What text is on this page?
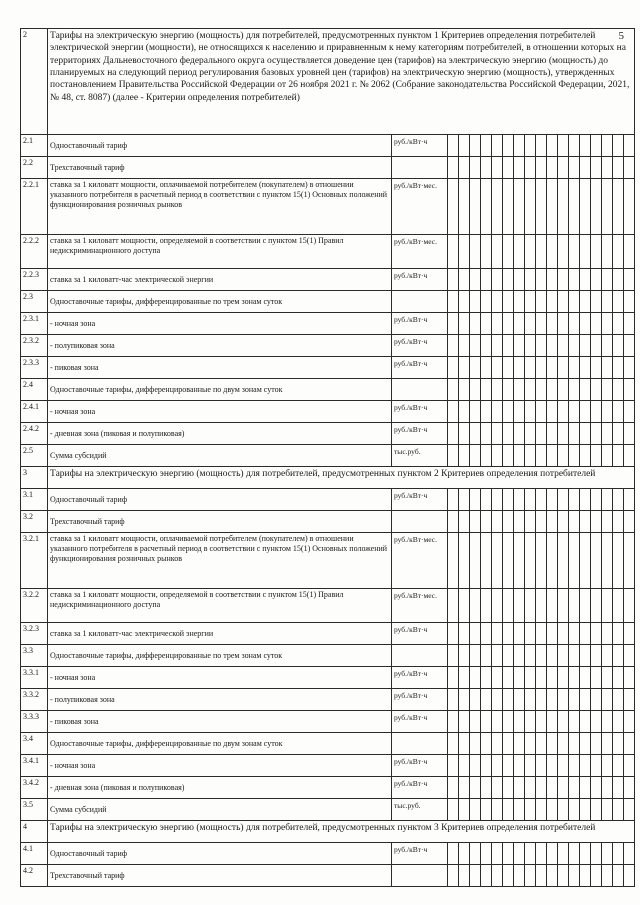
5
2	Тарифы на электрическую энергию (мощность) для потребителей, предусмотренных пунктом 1 Критериев определения потребителей электрической энергии (мощности), не относящихся к населению и приравненным к нему категориям потребителей, в отношении которых на территориях Дальневосточного федерального округа осуществляется доведение цен (тарифов) на электрическую энергию (мощность) до планируемых на следующий период регулирования базовых уровней цен (тарифов) на электрическую энергию (мощность), утвержденных постановлением Правительства Российской Федерации от 26 ноября 2021 г. № 2062 (Собрание законодательства Российской Федерации, 2021, № 48, ст. 8087) (далее - Критерии определения потребителей)																		
2.1	Одноставочный тариф	руб./кВт·ч																	
2.2	Трехставочный тариф																		
2.2.1	ставка за 1 киловатт мощности, оплачиваемой потребителем (покупателем) в отношении указанного потребителя в расчетный период в соответствии с пунктом 15(1) Основных положений функционирования розничных рынков	руб./кВт·мес.																	
2.2.2	ставка за 1 киловатт мощности, определяемой в соответствии с пунктом 15(1) Правил недискриминационного доступа	руб./кВт·мес.																	
2.2.3	ставка за 1 киловатт-час электрической энергии	руб./кВт·ч																	
2.3	Одноставочные тарифы, дифференцированные по трем зонам суток																		
2.3.1	- ночная зона	руб./кВт·ч																	
2.3.2	- полупиковая зона	руб./кВт·ч																	
2.3.3	- пиковая зона	руб./кВт·ч																	
2.4	Одноставочные тарифы, дифференцированные по двум зонам суток																		
2.4.1	- ночная зона	руб./кВт·ч																	
2.4.2	- дневная зона (пиковая и полупиковая)	руб./кВт·ч																	
2.5	Сумма субсидий	тыс.руб.																	
3	Тарифы на электрическую энергию (мощность) для потребителей, предусмотренных пунктом 2 Критериев определения потребителей																		
3.1	Одноставочный тариф	руб./кВт·ч																	
3.2	Трехставочный тариф																		
3.2.1	ставка за 1 киловатт мощности, оплачиваемой потребителем (покупателем) в отношении указанного потребителя в расчетный период в соответствии с пунктом 15(1) Основных положений функционирования розничных рынков	руб./кВт·мес.																	
3.2.2	ставка за 1 киловатт мощности, определяемой в соответствии с пунктом 15(1) Правил недискриминационного доступа	руб./кВт·мес.																	
3.2.3	ставка за 1 киловатт-час электрической энергии	руб./кВт·ч																	
3.3	Одноставочные тарифы, дифференцированные по трем зонам суток																		
3.3.1	- ночная зона	руб./кВт·ч																	
3.3.2	- полупиковая зона	руб./кВт·ч																	
3.3.3	- пиковая зона	руб./кВт·ч																	
3.4	Одноставочные тарифы, дифференцированные по двум зонам суток																		
3.4.1	- ночная зона	руб./кВт·ч																	
3.4.2	- дневная зона (пиковая и полупиковая)	руб./кВт·ч																	
3.5	Сумма субсидий	тыс.руб.																	
4	Тарифы на электрическую энергию (мощность) для потребителей, предусмотренных пунктом 3 Критериев определения потребителей																		
4.1	Одноставочный тариф	руб./кВт·ч																	
4.2	Трехставочный тариф																		
